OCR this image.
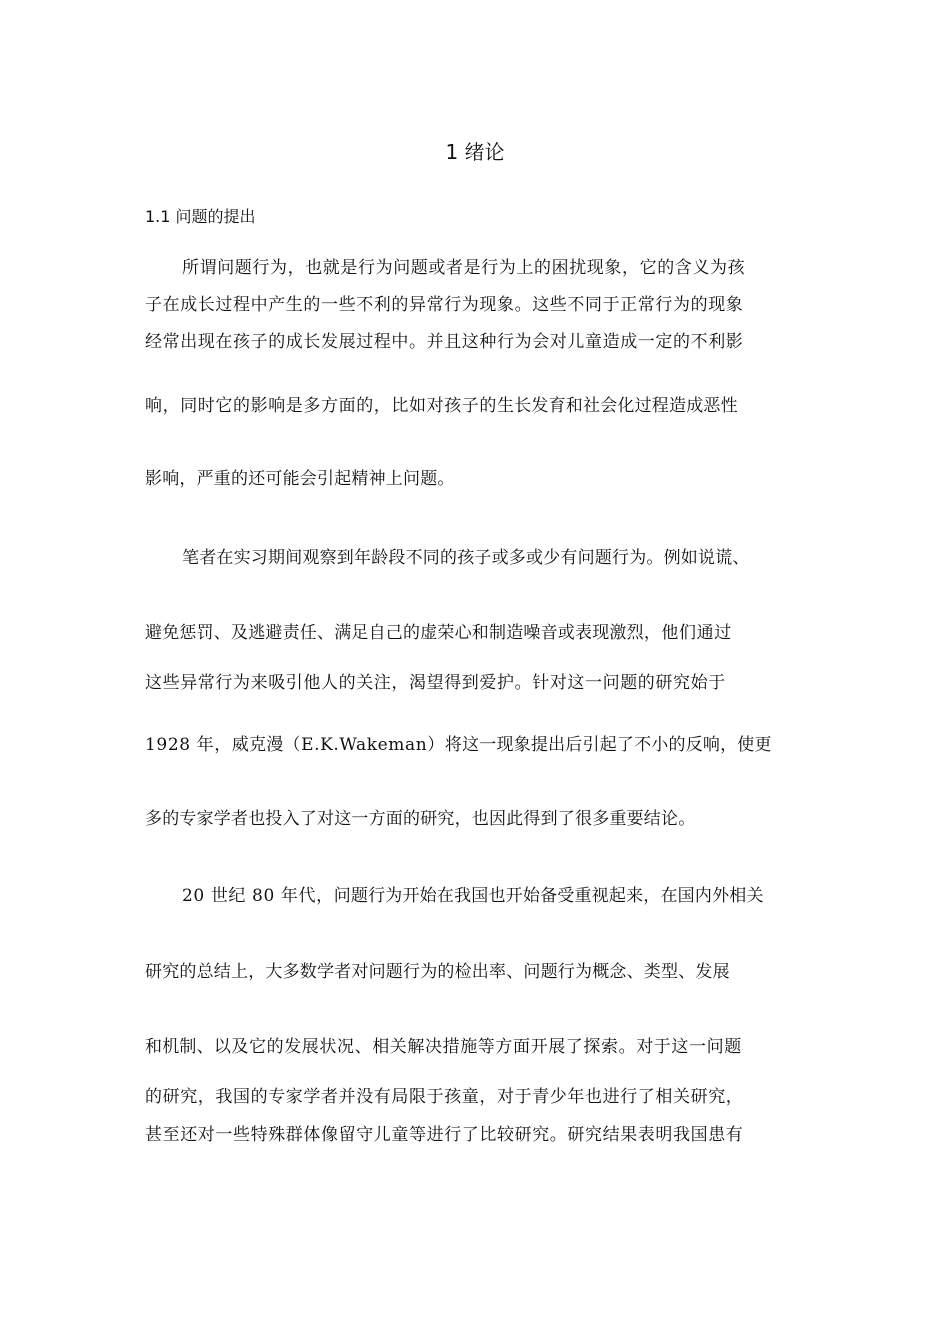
1 绪论
1.1 问题的提出

所谓问题行为，也就是行为问题或者是行为上的困扰现象，它的含义为孩

子在成长过程中产生的一些不利的异常行为现象。这些不同于正常行为的现象

经常出现在孩子的成长发展过程中。并且这种行为会对儿童造成一定的不利影

响，同时它的影响是多方面的，比如对孩子的生长发育和社会化过程造成恶性

影响，严重的还可能会引起精神上问题。

笔者在实习期间观察到年龄段不同的孩子或多或少有问题行为。例如说谎、

避免惩罚、及逃避责任、满足自己的虚荣心和制造噪音或表现激烈，他们通过

这些异常行为来吸引他人的关注，渴望得到爱护。针对这一问题的研究始于

1928 年，威克漫（E.K.Wakeman）将这一现象提出后引起了不小的反响，使更

多的专家学者也投入了对这一方面的研究，也因此得到了很多重要结论。

20 世纪 80 年代，问题行为开始在我国也开始备受重视起来，在国内外相关

研究的总结上，大多数学者对问题行为的检出率、问题行为概念、类型、发展

和机制、以及它的发展状况、相关解决措施等方面开展了探索。对于这一问题

的研究，我国的专家学者并没有局限于孩童，对于青少年也进行了相关研究，

甚至还对一些特殊群体像留守儿童等进行了比较研究。研究结果表明我国患有
